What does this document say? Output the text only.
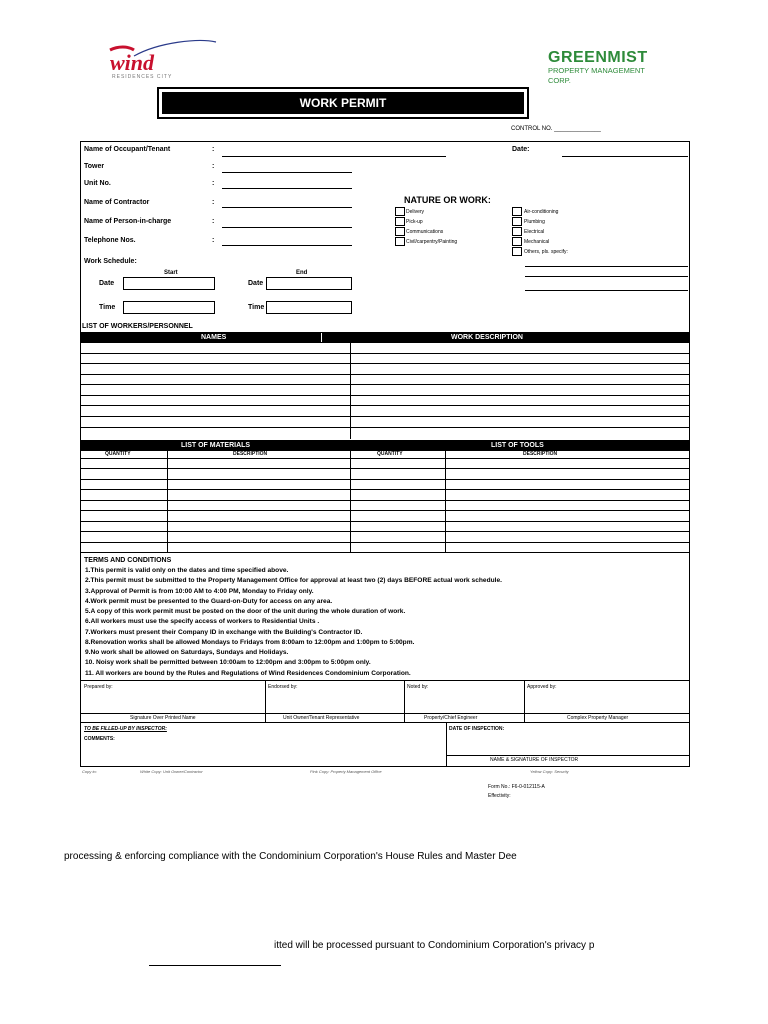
wind
RESIDENCES CITY
GREENMIST
PROPERTY MANAGEMENT CORP.
WORK PERMIT
CONTROL NO. ______________
Name of Occupant/Tenant	:	Date:
Tower	:
Unit No.	:
Name of Contractor	:
Name of Person-in-charge	:
Telephone Nos.	:
NATURE OR WORK:
Delivery
Pick-up
Communications
Civil/carpentry/Painting
Air-conditioning
Plumbing
Electrical
Mechanical
Others, pls. specify:
Work Schedule:
Start	End
Date	Date
Time	Time
LIST OF WORKERS/PERSONNEL
NAMES	WORK DESCRIPTION
LIST OF MATERIALS	LIST OF TOOLS
QUANTITY	DESCRIPTION	QUANTITY	DESCRIPTION
TERMS AND CONDITIONS
1.This permit is valid only on the dates and time specified above.
2.This permit must be submitted to the Property Management Office for approval at least two (2) days BEFORE actual work schedule.
3.Approval of Permit is from 10:00 AM to 4:00 PM, Monday to Friday only.
4.Work permit must be presented to the Guard-on-Duty for access on any area.
5.A copy of this work permit must be posted on the door of the unit during the whole duration of work.
6.All workers must use the specify access of workers to Residential Units .
7.Workers must present their Company ID in exchange with the Building's Contractor ID.
8.Renovation works shall be allowed Mondays to Fridays from 8:00am to 12:00pm and 1:00pm to 5:00pm.
9.No work shall be allowed on Saturdays, Sundays and Holidays.
10. Noisy work shall be permitted between 10:00am to 12:00pm and 3:00pm to 5:00pm only.
11. All workers are bound by the Rules and Regulations of Wind Residences Condominium Corporation.
Prepared by:	Endorsed by:	Noted by:	Approved by:
Signature Over Printed Name	Unit Owner/Tenant Representative	Property/Chief Engineer	Complex Property Manager
TO BE FILLED-UP BY INSPECTOR:
COMMENTS:
DATE OF INSPECTION:
NAME & SIGNATURE OF INSPECTOR
Copy to:	White Copy: Unit Owner/Contractor	Pink Copy: Property Management Office	Yellow Copy: Security
Form No.: F6-0-012115-A
Effectivity:
processing & enforcing compliance with the Condominium Corporation's House Rules and Master Dee
itted will be processed pursuant to Condominium Corporation's privacy p
